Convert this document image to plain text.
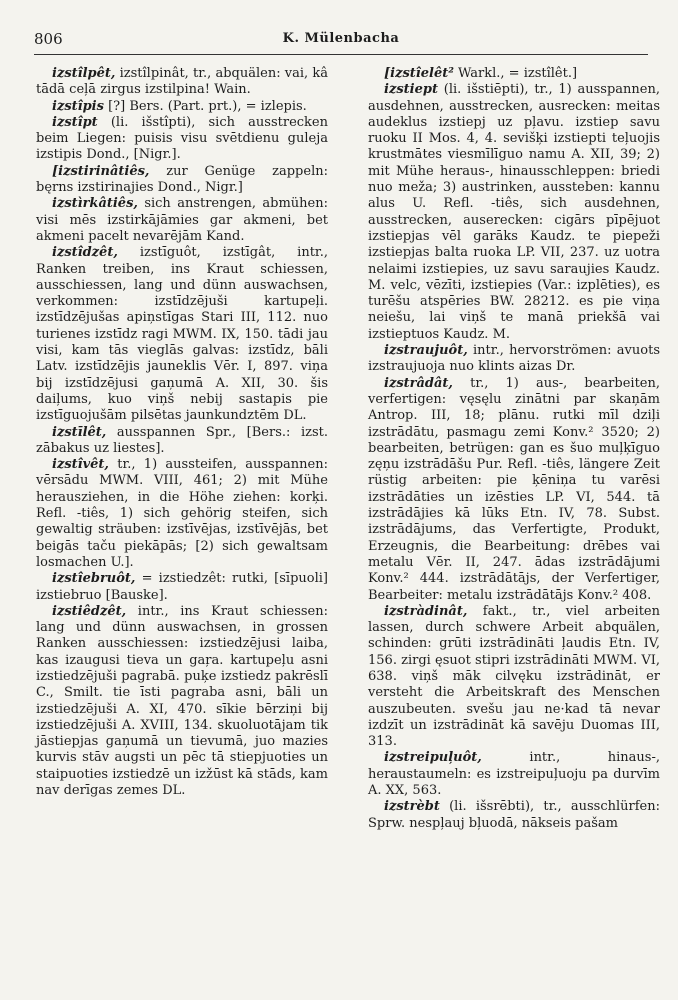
806	K. Mülenbacha

izstîlpêt, izstîlpinât, tr., abquälen: vai, kâ tādā ceļā zirgus izstilpina! Wain.

izstîpis [?] Bers. (Part. prt.), = izlepis.

izstîpt (li. išstîpti), sich ausstrecken beim Liegen: puisis visu svētdienu guleja izstipis Dond., [Nigr.].

[izstirinâtiês, zur Genüge zappeln: bęrns izstirinajies Dond., Nigr.]

izstìrkâtiês, sich anstrengen, abmühen: visi mēs izstirkājāmies gar akmeni, bet akmeni pacelt nevarējām Kand.

izstîdzêt, izstīguôt, izstīgât, intr., Ranken treiben, ins Kraut schiessen, ausschiessen, lang und dünn auswachsen, verkommen: izstīdzējuši kartupeļi. izstīdzējušas apiņstīgas Stari III, 112. nuo turienes izstīdz ragi MWM. IX, 150. tādi jau visi, kam tās vieglās galvas: izstīdz, bāli Latv. izstīdzējis jauneklis Vēr. I, 897. viņa bij izstīdzējusi gaņumā A. XII, 30. šis daiļums, kuo viņš nebij sastapis pie izstīguojušām pilsētas jaunkundztēm DL.

izstīlêt, ausspannen Spr., [Bers.: izst. zābakus uz liestes].

izstîvêt, tr., 1) aussteifen, ausspannen: vērsādu MWM. VIII, 461; 2) mit Mühe herausziehen, in die Höhe ziehen: korķi. Refl. -tiês, 1) sich gehörig steifen, sich gewaltig sträuben: izstīvējas, izstīvējās, bet beigās taču piekāpās; [2) sich gewaltsam losmachen U.].

izstîebruôt, = izstiedzêt: rutki, [sīpuoli] izstiebruo [Bauske].

izstiêdzêt, intr., ins Kraut schiessen: lang und dünn auswachsen, in grossen Ranken ausschiessen: izstiedzējusi laiba, kas izaugusi tieva un gaŗa. kartupeļu asni izstiedzējuši pagrabā. puķe izstiedz pakrēslī C., Smilt. tie īsti pagraba asni, bāli un izstiedzējuši A. XI, 470. sīkie bērziņi bij izstiedzējuši A. XVIII, 134. skuoluotājam tik jāstiepjas gaņumā un tievumā, juo mazies kurvis stāv augsti un pēc tā stiepjuoties un staipuoties izstiedzē un izžūst kā stāds, kam nav derīgas zemes DL.

[izstîelêt² Warkl., = izstîlêt.]

izstiept (li. išstiēpti), tr., 1) ausspannen, ausdehnen, ausstrecken, ausrecken: meitas audeklus izstiepj uz pļavu. izstiep savu ruoku II Mos. 4, 4. sevišķi izstiepti teļuojis krustmātes viesmīlīguo namu A. XII, 39; 2) mit Mühe heraus-, hinausschleppen: briedi nuo meža; 3) austrinken, aussteben: kannu alus U. Refl. -tiês, sich ausdehnen, ausstrecken, auserecken: cigārs pīpējuot izstiepjas vēl garāks Kaudz. te piepeži izstiepjas balta ruoka LP. VII, 237. uz uotra nelaimi izstiepies, uz savu saraujies Kaudz. M. velc, vēzīti, izstiepies (Var.: izplēties), es turēšu atspēries BW. 28212. es pie viņa neiešu, lai viņš te manā priekšā vai izstieptuos Kaudz. M.

izstraujuôt, intr., hervorströmen: avuots izstraujuoja nuo klints aizas Dr.

izstrâdât, tr., 1) aus-, bearbeiten, verfertigen: vęsęlu zinātni par skaņām Antrop. III, 18; plānu. rutki mīl dziļi izstrādātu, pasmagu zemi Konv.² 3520; 2) bearbeiten, betrügen: gan es šuo muļķīguo zęņu izstrādāšu Pur. Refl. -tiês, längere Zeit rüstig arbeiten: pie ķēniņa tu varēsi izstrādāties un izēsties LP. VI, 544. tā izstrādājies kā lūks Etn. IV, 78. Subst. izstrādājums, das Verfertigte, Produkt, Erzeugnis, die Bearbeitung: drēbes vai metalu Vēr. II, 247. ādas izstrādājumi Konv.² 444. izstrādātājs, der Verfertiger, Bearbeiter: metalu izstrādātājs Konv.² 408.

izstràdinât, fakt., tr., viel arbeiten lassen, durch schwere Arbeit abquälen, schinden: grūti izstrādināti ļaudis Etn. IV, 156. zirgi ęsuot stipri izstrādināti MWM. VI, 638. viņš māk cilvęku izstrādināt, er versteht die Arbeitskraft des Menschen auszubeuten. svešu jau ne·kad tā nevar izdzīt un izstrādināt kā savēju Duomas III, 313.

izstreipuļuôt, intr., hinaus-, heraustaumeln: es izstreipuļuoju pa durvīm A. XX, 563.

izstrèbt (li. išsrēbti), tr., ausschlürfen: Sprw. nespļauj bļuodā, nākseis pašam
